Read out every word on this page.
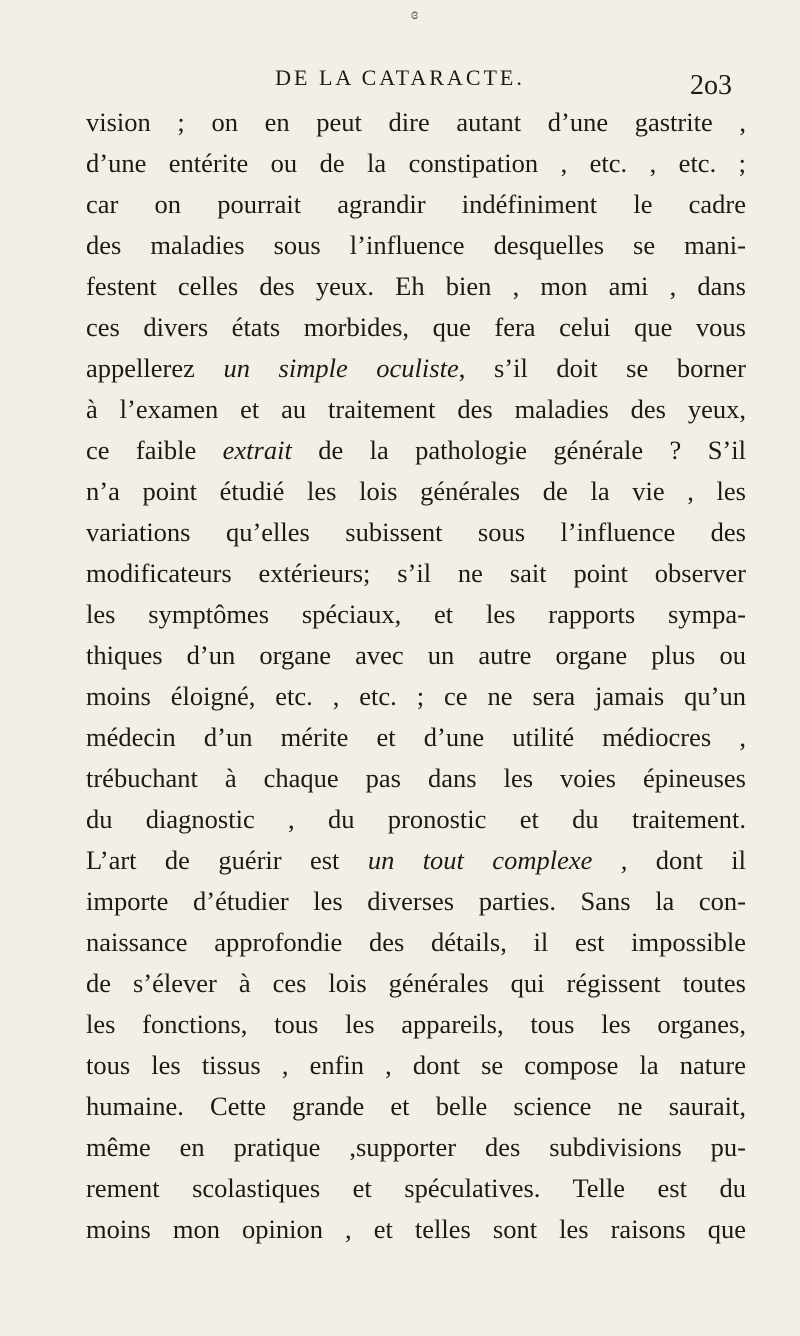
ɞ
DE LA CATARACTE.	2o3
vision ; on en peut dire autant d’une gastrite ,
d’une entérite ou de la constipation , etc. , etc. ;
car on pourrait agrandir indéfiniment le cadre
des maladies sous l’influence desquelles se mani-
festent celles des yeux. Eh bien , mon ami , dans
ces divers états morbides, que fera celui que vous
appellerez un simple oculiste, s’il doit se borner
à l’examen et au traitement des maladies des yeux,
ce faible extrait de la pathologie générale ? S’il
n’a point étudié les lois générales de la vie , les
variations qu’elles subissent sous l’influence des
modificateurs extérieurs; s’il ne sait point observer
les symptômes spéciaux, et les rapports sympa-
thiques d’un organe avec un autre organe plus ou
moins éloigné, etc. , etc. ; ce ne sera jamais qu’un
médecin d’un mérite et d’une utilité médiocres ,
trébuchant à chaque pas dans les voies épineuses
du diagnostic , du pronostic et du traitement.
L’art de guérir est un tout complexe , dont il
importe d’étudier les diverses parties. Sans la con-
naissance approfondie des détails, il est impossible
de s’élever à ces lois générales qui régissent toutes
les fonctions, tous les appareils, tous les organes,
tous les tissus , enfin , dont se compose la nature
humaine. Cette grande et belle science ne saurait,
même en pratique ,supporter des subdivisions pu-
rement scolastiques et spéculatives. Telle est du
moins mon opinion , et telles sont les raisons que
